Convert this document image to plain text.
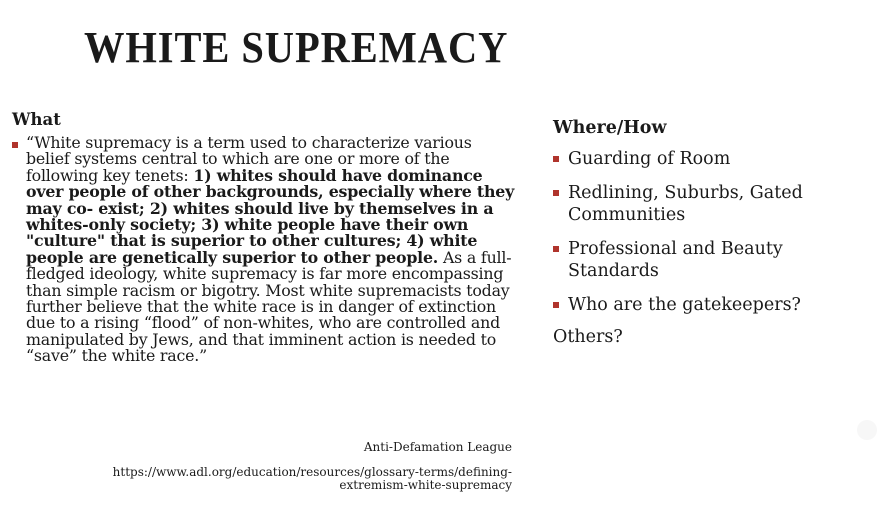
WHITE SUPREMACY
What
“White supremacy is a term used to characterize various belief systems central to which are one or more of the following key tenets: 1) whites should have dominance over people of other backgrounds, especially where they may co- exist; 2) whites should live by themselves in a whites-only society; 3) white people have their own "culture" that is superior to other cultures; 4) white people are genetically superior to other people. As a full-fledged ideology, white supremacy is far more encompassing than simple racism or bigotry. Most white supremacists today further believe that the white race is in danger of extinction due to a rising “flood” of non-whites, who are controlled and manipulated by Jews, and that imminent action is needed to “save” the white race.”
Anti-Defamation League
https://www.adl.org/education/resources/glossary-terms/defining-extremism-white-supremacy
Where/How
Guarding of Room
Redlining, Suburbs, Gated Communities
Professional and Beauty Standards
Who are the gatekeepers?
Others?
